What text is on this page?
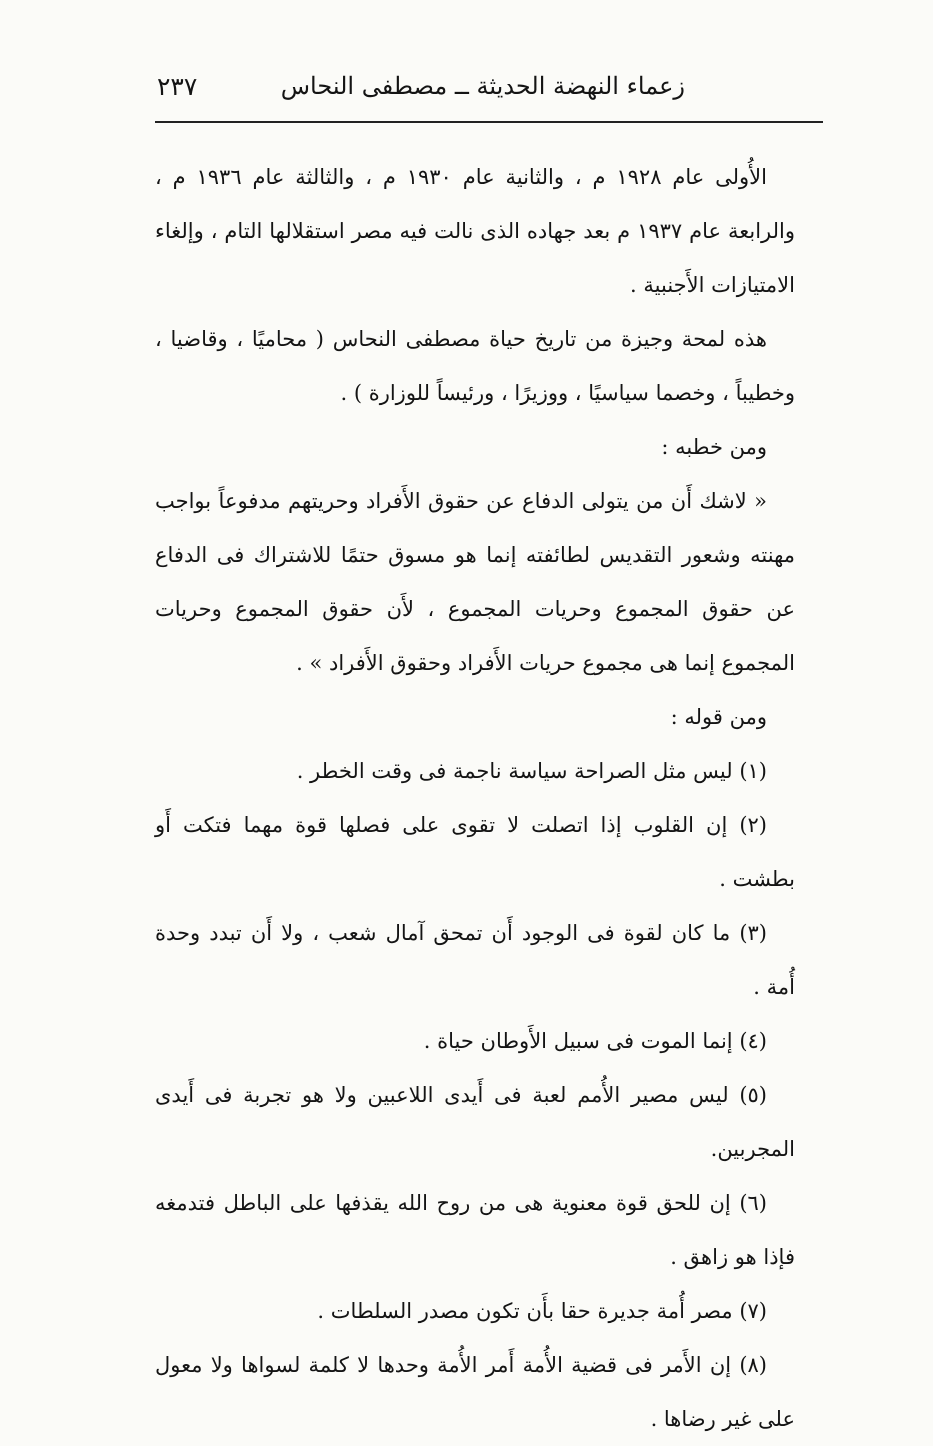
زعماء النهضة الحديثة ــ مصطفى النحاس
٢٣٧

الأُولى عام ١٩٢٨ م ، والثانية عام ١٩٣٠ م ، والثالثة عام ١٩٣٦ م ، والرابعة عام ١٩٣٧ م بعد جهاده الذى نالت فيه مصر استقلالها التام ، وإلغاء الامتيازات الأَجنبية .

هذه لمحة وجيزة من تاريخ حياة مصطفى النحاس ( محاميًا ، وقاضيا ، وخطيباً ، وخصما سياسيًا ، ووزيرًا ، ورئيساً للوزارة ) .

ومن خطبه :

« لاشك أَن من يتولى الدفاع عن حقوق الأَفراد وحريتهم مدفوعاً بواجب مهنته وشعور التقديس لطائفته إنما هو مسوق حتمًا للاشتراك فى الدفاع عن حقوق المجموع وحريات المجموع ، لأَن حقوق المجموع وحريات المجموع إنما هى مجموع حريات الأَفراد وحقوق الأَفراد » .

ومن قوله :

(١) ليس مثل الصراحة سياسة ناجمة فى وقت الخطر .

(٢) إن القلوب إذا اتصلت لا تقوى على فصلها قوة مهما فتكت أَو بطشت .

(٣) ما كان لقوة فى الوجود أَن تمحق آمال شعب ، ولا أَن تبدد وحدة أُمة .

(٤) إنما الموت فى سبيل الأَوطان حياة .

(٥) ليس مصير الأُمم لعبة فى أَيدى اللاعبين ولا هو تجربة فى أَيدى المجربين.

(٦) إن للحق قوة معنوية هى من روح الله يقذفها على الباطل فتدمغه فإذا هو زاهق .

(٧) مصر أُمة جديرة حقا بأَن تكون مصدر السلطات .

(٨) إن الأَمر فى قضية الأُمة أَمر الأُمة وحدها لا كلمة لسواها ولا معول على غير رضاها .
